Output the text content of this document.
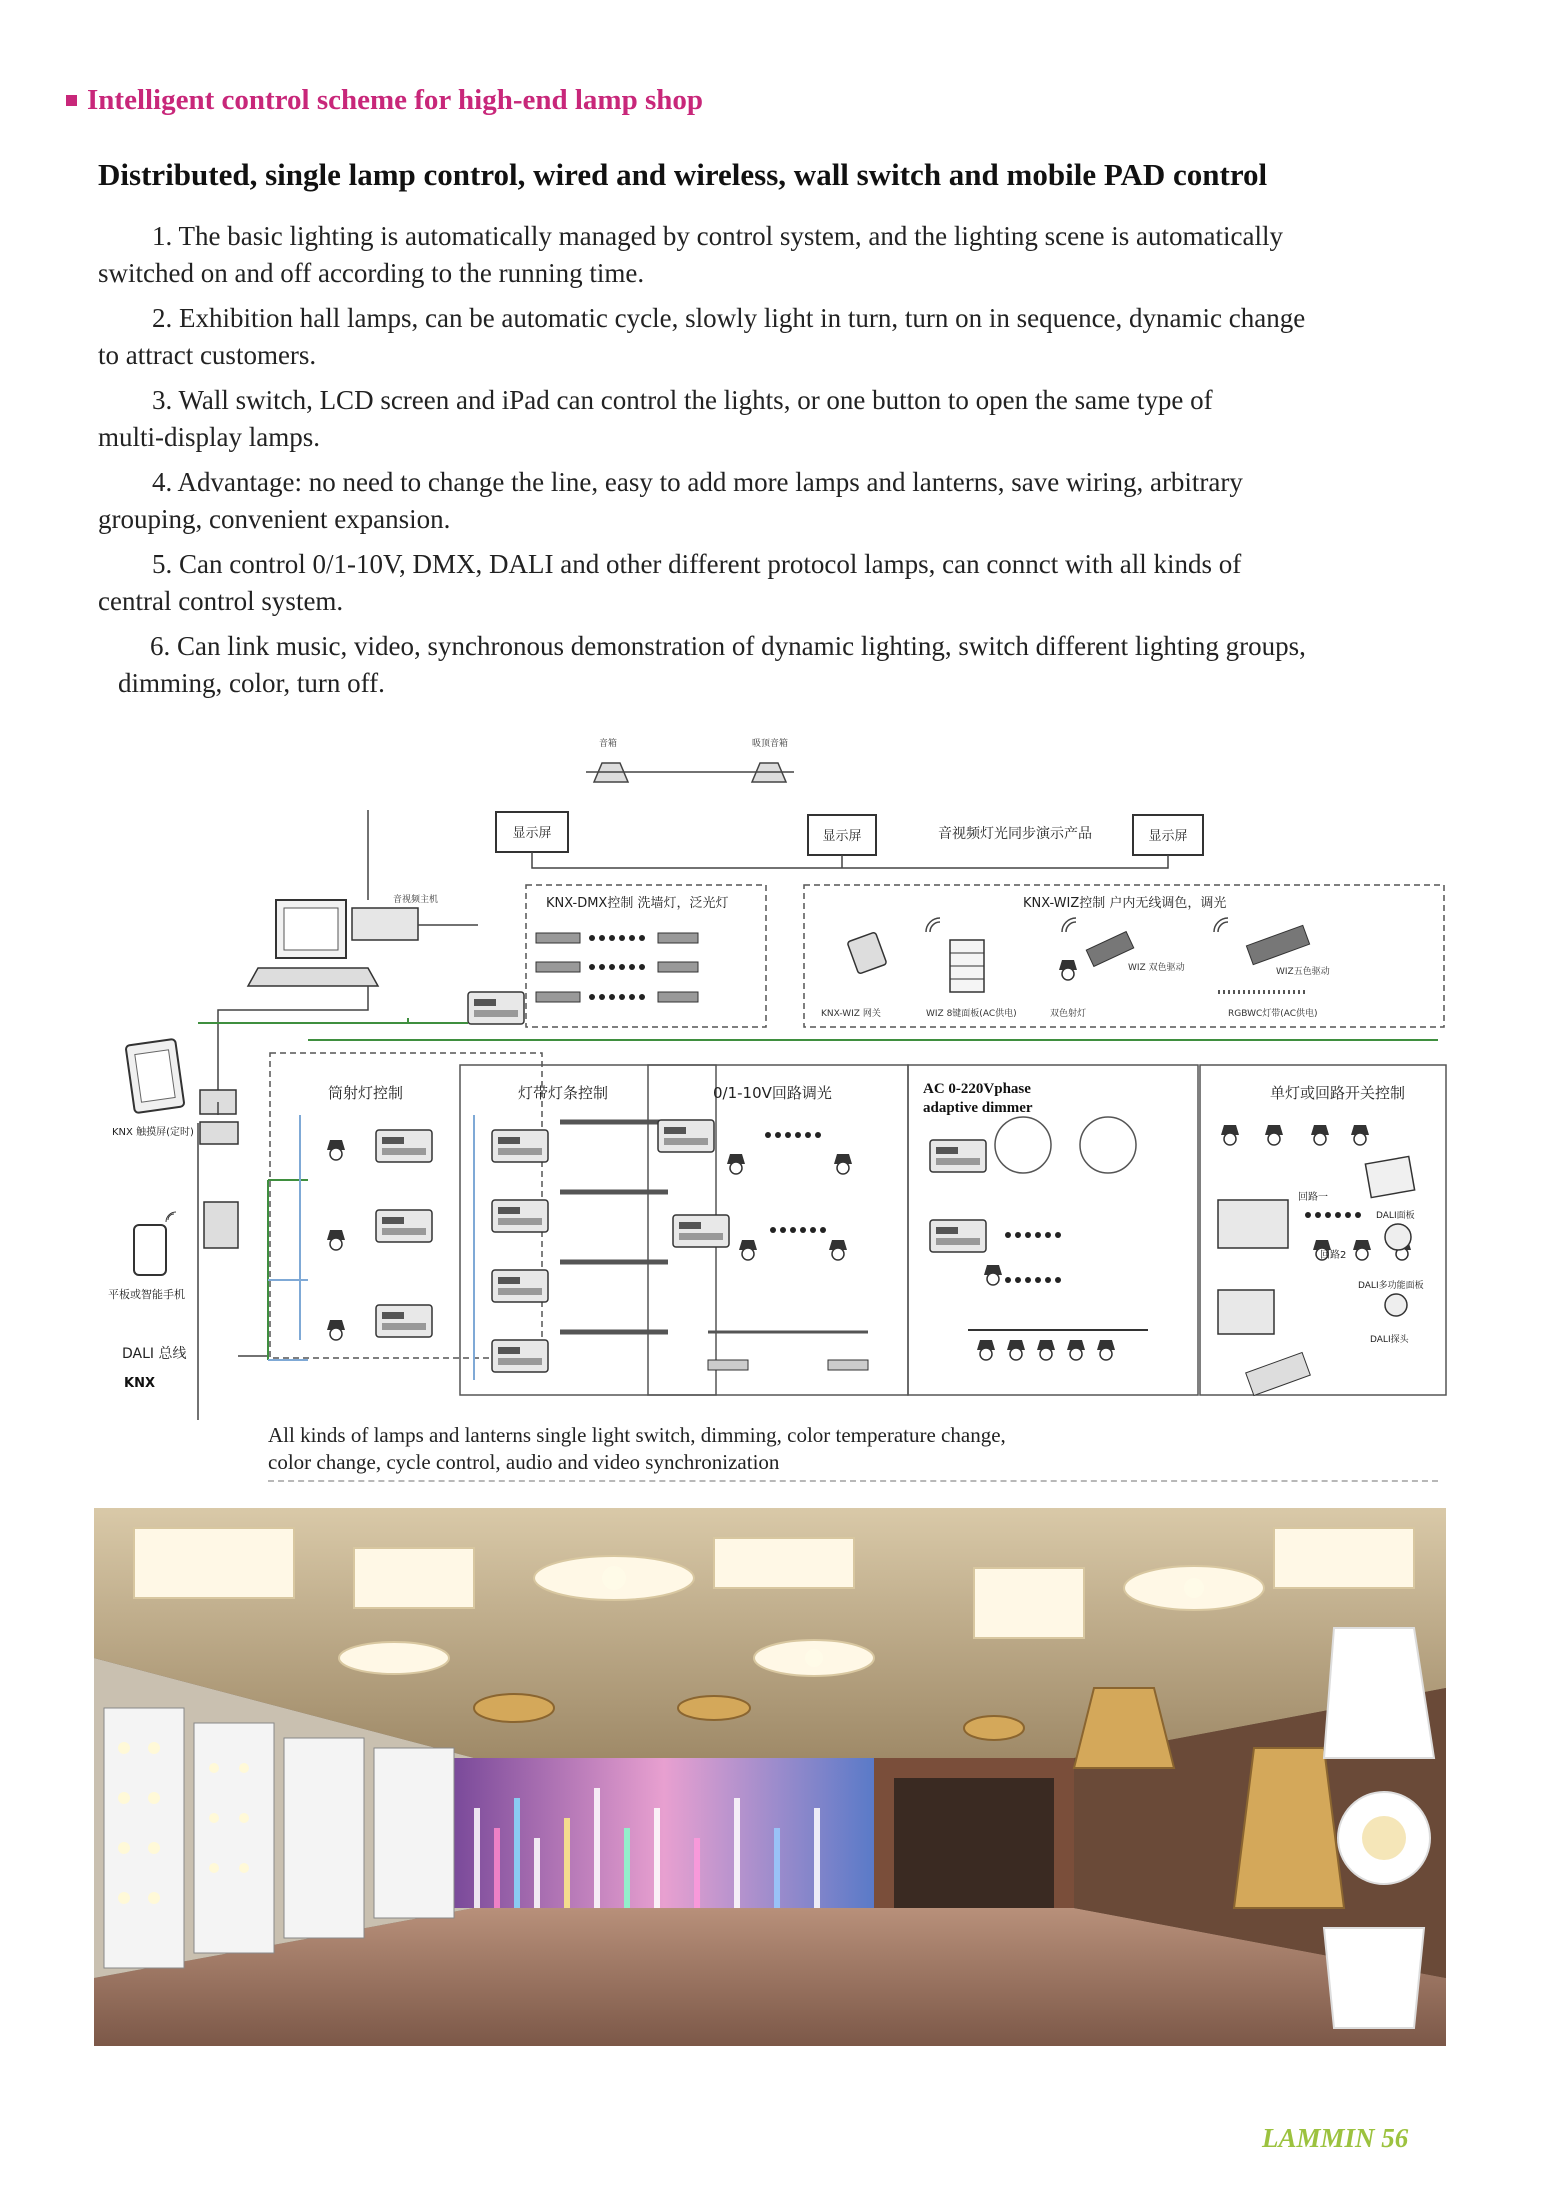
Intelligent control scheme for high-end lamp shop
Distributed, single lamp control, wired and wireless, wall switch and mobile PAD control
1. The basic lighting is automatically managed by control system, and the lighting scene is automatically
switched on and off according to the running time.
2. Exhibition hall lamps, can be automatic cycle, slowly light in turn, turn on in sequence, dynamic change
to attract customers.
3. Wall switch, LCD screen and iPad can control the lights, or one button to open the same type of
multi-display lamps.
4. Advantage: no need to change the line, easy to add more lamps and lanterns, save wiring, arbitrary
grouping, convenient expansion.
5. Can control 0/1-10V, DMX, DALI and other different protocol lamps, can connct with all kinds of
central control system.
6. Can link music, video, synchronous demonstration of dynamic lighting, switch different lighting groups,
dimming, color, turn off.
音箱	吸顶音箱
显示屏	显示屏	显示屏
音视频灯光同步演示产品
音视频主机	KNX-DMX控制 洗墙灯，泛光灯	KNX-WIZ控制 户内无线调色，调光
KNX-WIZ 网关	WIZ 8键面板(AC供电)	双色射灯	RGBWC灯带(AC供电)
WIZ 双色驱动	WIZ五色驱动
KNX 触摸屏(定时)
平板或智能手机
DALI 总线
KNX
筒射灯控制	灯带灯条控制	0/1-10V回路调光	单灯或回路开关控制
回路一
回路2
DALI面板
DALI多功能面板
DALI探头
AC 0-220Vphase adaptive dimmer
All kinds of lamps and lanterns single light switch, dimming, color temperature change,
color change, cycle control, audio and video synchronization
LAMMIN 56
